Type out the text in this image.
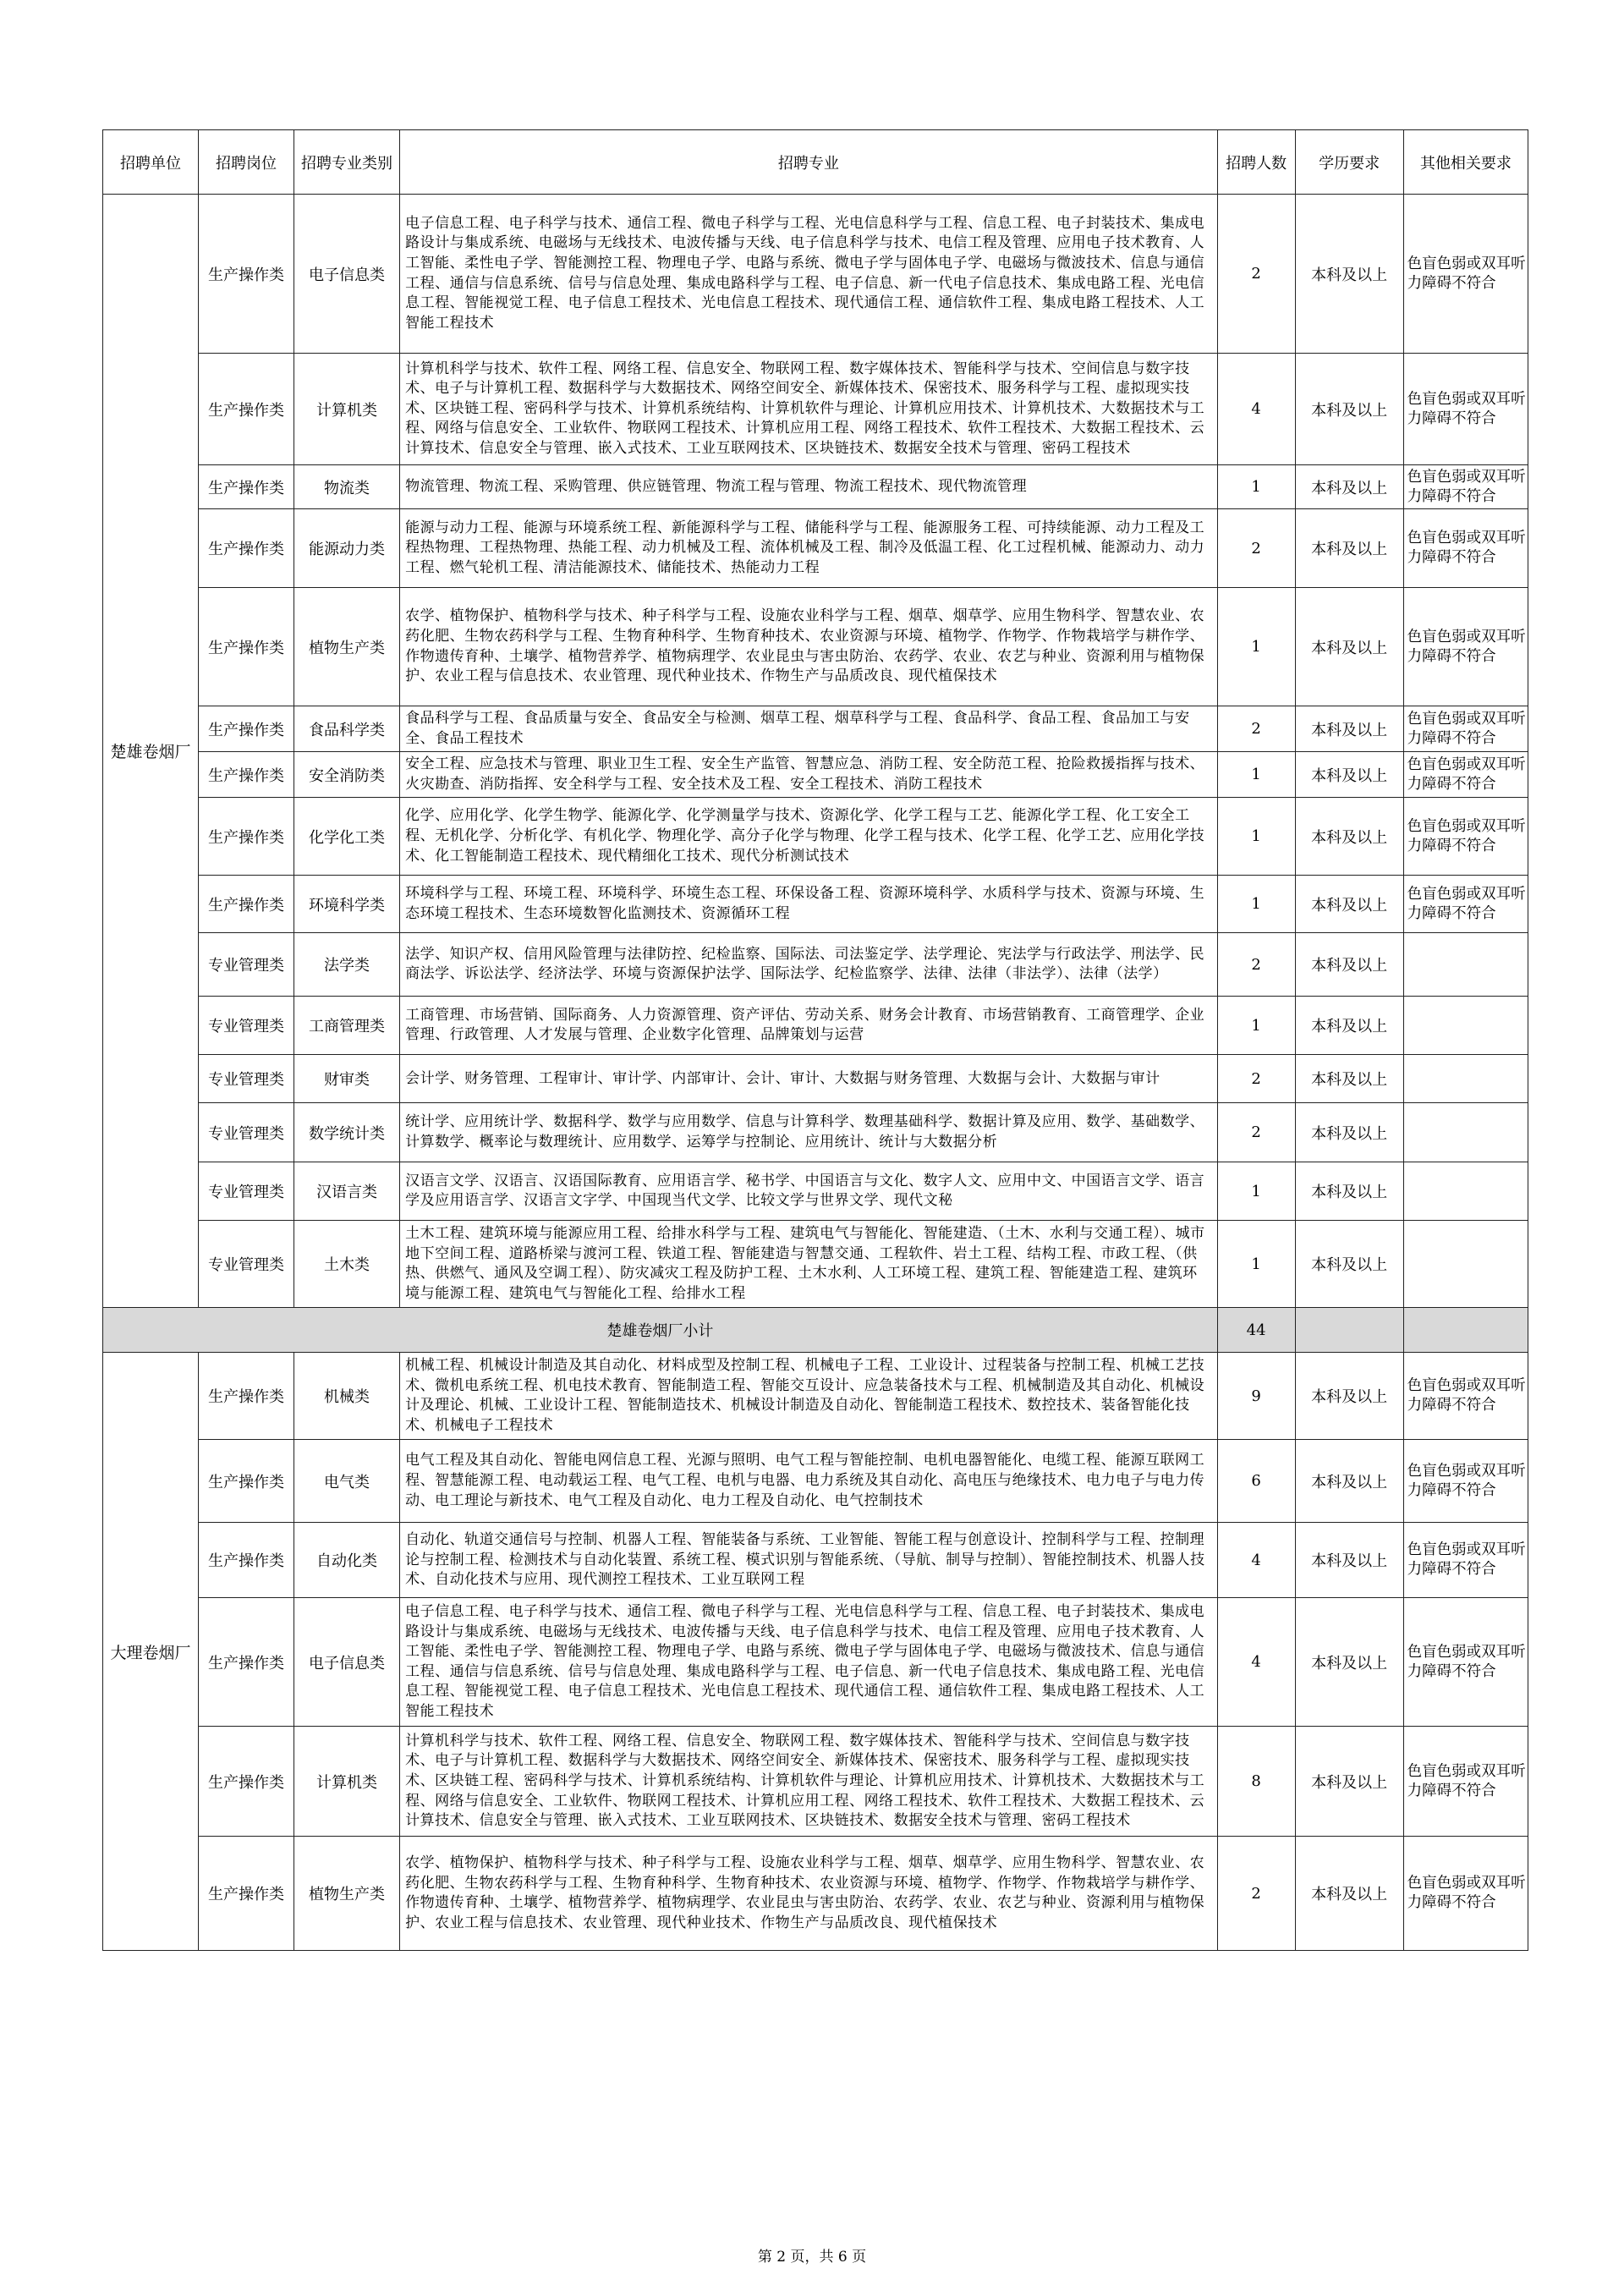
招聘单位	招聘岗位	招聘专业类别	招聘专业	招聘人数	学历要求	其他相关要求
楚雄卷烟厂	生产操作类	电子信息类	电子信息工程、电子科学与技术、通信工程、微电子科学与工程、光电信息科学与工程、信息工程、电子封装技术、集成电路设计与集成系统、电磁场与无线技术、电波传播与天线、电子信息科学与技术、电信工程及管理、应用电子技术教育、人工智能、柔性电子学、智能测控工程、物理电子学、电路与系统、微电子学与固体电子学、电磁场与微波技术、信息与通信工程、通信与信息系统、信号与信息处理、集成电路科学与工程、电子信息、新一代电子信息技术、集成电路工程、光电信息工程、智能视觉工程、电子信息工程技术、光电信息工程技术、现代通信工程、通信软件工程、集成电路工程技术、人工智能工程技术	2	本科及以上	色盲色弱或双耳听力障碍不符合
	生产操作类	计算机类	计算机科学与技术、软件工程、网络工程、信息安全、物联网工程、数字媒体技术、智能科学与技术、空间信息与数字技术、电子与计算机工程、数据科学与大数据技术、网络空间安全、新媒体技术、保密技术、服务科学与工程、虚拟现实技术、区块链工程、密码科学与技术、计算机系统结构、计算机软件与理论、计算机应用技术、计算机技术、大数据技术与工程、网络与信息安全、工业软件、物联网工程技术、计算机应用工程、网络工程技术、软件工程技术、大数据工程技术、云计算技术、信息安全与管理、嵌入式技术、工业互联网技术、区块链技术、数据安全技术与管理、密码工程技术	4	本科及以上	色盲色弱或双耳听力障碍不符合
	生产操作类	物流类	物流管理、物流工程、采购管理、供应链管理、物流工程与管理、物流工程技术、现代物流管理	1	本科及以上	色盲色弱或双耳听力障碍不符合
	生产操作类	能源动力类	能源与动力工程、能源与环境系统工程、新能源科学与工程、储能科学与工程、能源服务工程、可持续能源、动力工程及工程热物理、工程热物理、热能工程、动力机械及工程、流体机械及工程、制冷及低温工程、化工过程机械、能源动力、动力工程、燃气轮机工程、清洁能源技术、储能技术、热能动力工程	2	本科及以上	色盲色弱或双耳听力障碍不符合
	生产操作类	植物生产类	农学、植物保护、植物科学与技术、种子科学与工程、设施农业科学与工程、烟草、烟草学、应用生物科学、智慧农业、农药化肥、生物农药科学与工程、生物育种科学、生物育种技术、农业资源与环境、植物学、作物学、作物栽培学与耕作学、作物遗传育种、土壤学、植物营养学、植物病理学、农业昆虫与害虫防治、农药学、农业、农艺与种业、资源利用与植物保护、农业工程与信息技术、农业管理、现代种业技术、作物生产与品质改良、现代植保技术	1	本科及以上	色盲色弱或双耳听力障碍不符合
	生产操作类	食品科学类	食品科学与工程、食品质量与安全、食品安全与检测、烟草工程、烟草科学与工程、食品科学、食品工程、食品加工与安全、食品工程技术	2	本科及以上	色盲色弱或双耳听力障碍不符合
	生产操作类	安全消防类	安全工程、应急技术与管理、职业卫生工程、安全生产监管、智慧应急、消防工程、安全防范工程、抢险救援指挥与技术、火灾勘查、消防指挥、安全科学与工程、安全技术及工程、安全工程技术、消防工程技术	1	本科及以上	色盲色弱或双耳听力障碍不符合
	生产操作类	化学化工类	化学、应用化学、化学生物学、能源化学、化学测量学与技术、资源化学、化学工程与工艺、能源化学工程、化工安全工程、无机化学、分析化学、有机化学、物理化学、高分子化学与物理、化学工程与技术、化学工程、化学工艺、应用化学技术、化工智能制造工程技术、现代精细化工技术、现代分析测试技术	1	本科及以上	色盲色弱或双耳听力障碍不符合
	生产操作类	环境科学类	环境科学与工程、环境工程、环境科学、环境生态工程、环保设备工程、资源环境科学、水质科学与技术、资源与环境、生态环境工程技术、生态环境数智化监测技术、资源循环工程	1	本科及以上	色盲色弱或双耳听力障碍不符合
	专业管理类	法学类	法学、知识产权、信用风险管理与法律防控、纪检监察、国际法、司法鉴定学、法学理论、宪法学与行政法学、刑法学、民商法学、诉讼法学、经济法学、环境与资源保护法学、国际法学、纪检监察学、法律、法律（非法学）、法律（法学）	2	本科及以上	
	专业管理类	工商管理类	工商管理、市场营销、国际商务、人力资源管理、资产评估、劳动关系、财务会计教育、市场营销教育、工商管理学、企业管理、行政管理、人才发展与管理、企业数字化管理、品牌策划与运营	1	本科及以上	
	专业管理类	财审类	会计学、财务管理、工程审计、审计学、内部审计、会计、审计、大数据与财务管理、大数据与会计、大数据与审计	2	本科及以上	
	专业管理类	数学统计类	统计学、应用统计学、数据科学、数学与应用数学、信息与计算科学、数理基础科学、数据计算及应用、数学、基础数学、计算数学、概率论与数理统计、应用数学、运筹学与控制论、应用统计、统计与大数据分析	2	本科及以上	
	专业管理类	汉语言类	汉语言文学、汉语言、汉语国际教育、应用语言学、秘书学、中国语言与文化、数字人文、应用中文、中国语言文学、语言学及应用语言学、汉语言文字学、中国现当代文学、比较文学与世界文学、现代文秘	1	本科及以上	
	专业管理类	土木类	土木工程、建筑环境与能源应用工程、给排水科学与工程、建筑电气与智能化、智能建造、（土木、水利与交通工程）、城市地下空间工程、道路桥梁与渡河工程、铁道工程、智能建造与智慧交通、工程软件、岩土工程、结构工程、市政工程、（供热、供燃气、通风及空调工程）、防灾减灾工程及防护工程、土木水利、人工环境工程、建筑工程、智能建造工程、建筑环境与能源工程、建筑电气与智能化工程、给排水工程	1	本科及以上	
楚雄卷烟厂小计				44		
大理卷烟厂	生产操作类	机械类	机械工程、机械设计制造及其自动化、材料成型及控制工程、机械电子工程、工业设计、过程装备与控制工程、机械工艺技术、微机电系统工程、机电技术教育、智能制造工程、智能交互设计、应急装备技术与工程、机械制造及其自动化、机械设计及理论、机械、工业设计工程、智能制造技术、机械设计制造及自动化、智能制造工程技术、数控技术、装备智能化技术、机械电子工程技术	9	本科及以上	色盲色弱或双耳听力障碍不符合
	生产操作类	电气类	电气工程及其自动化、智能电网信息工程、光源与照明、电气工程与智能控制、电机电器智能化、电缆工程、能源互联网工程、智慧能源工程、电动载运工程、电气工程、电机与电器、电力系统及其自动化、高电压与绝缘技术、电力电子与电力传动、电工理论与新技术、电气工程及自动化、电力工程及自动化、电气控制技术	6	本科及以上	色盲色弱或双耳听力障碍不符合
	生产操作类	自动化类	自动化、轨道交通信号与控制、机器人工程、智能装备与系统、工业智能、智能工程与创意设计、控制科学与工程、控制理论与控制工程、检测技术与自动化装置、系统工程、模式识别与智能系统、（导航、制导与控制）、智能控制技术、机器人技术、自动化技术与应用、现代测控工程技术、工业互联网工程	4	本科及以上	色盲色弱或双耳听力障碍不符合
	生产操作类	电子信息类	电子信息工程、电子科学与技术、通信工程、微电子科学与工程、光电信息科学与工程、信息工程、电子封装技术、集成电路设计与集成系统、电磁场与无线技术、电波传播与天线、电子信息科学与技术、电信工程及管理、应用电子技术教育、人工智能、柔性电子学、智能测控工程、物理电子学、电路与系统、微电子学与固体电子学、电磁场与微波技术、信息与通信工程、通信与信息系统、信号与信息处理、集成电路科学与工程、电子信息、新一代电子信息技术、集成电路工程、光电信息工程、智能视觉工程、电子信息工程技术、光电信息工程技术、现代通信工程、通信软件工程、集成电路工程技术、人工智能工程技术	4	本科及以上	色盲色弱或双耳听力障碍不符合
	生产操作类	计算机类	计算机科学与技术、软件工程、网络工程、信息安全、物联网工程、数字媒体技术、智能科学与技术、空间信息与数字技术、电子与计算机工程、数据科学与大数据技术、网络空间安全、新媒体技术、保密技术、服务科学与工程、虚拟现实技术、区块链工程、密码科学与技术、计算机系统结构、计算机软件与理论、计算机应用技术、计算机技术、大数据技术与工程、网络与信息安全、工业软件、物联网工程技术、计算机应用工程、网络工程技术、软件工程技术、大数据工程技术、云计算技术、信息安全与管理、嵌入式技术、工业互联网技术、区块链技术、数据安全技术与管理、密码工程技术	8	本科及以上	色盲色弱或双耳听力障碍不符合
	生产操作类	植物生产类	农学、植物保护、植物科学与技术、种子科学与工程、设施农业科学与工程、烟草、烟草学、应用生物科学、智慧农业、农药化肥、生物农药科学与工程、生物育种科学、生物育种技术、农业资源与环境、植物学、作物学、作物栽培学与耕作学、作物遗传育种、土壤学、植物营养学、植物病理学、农业昆虫与害虫防治、农药学、农业、农艺与种业、资源利用与植物保护、农业工程与信息技术、农业管理、现代种业技术、作物生产与品质改良、现代植保技术	2	本科及以上	色盲色弱或双耳听力障碍不符合
第 2 页，共 6 页
